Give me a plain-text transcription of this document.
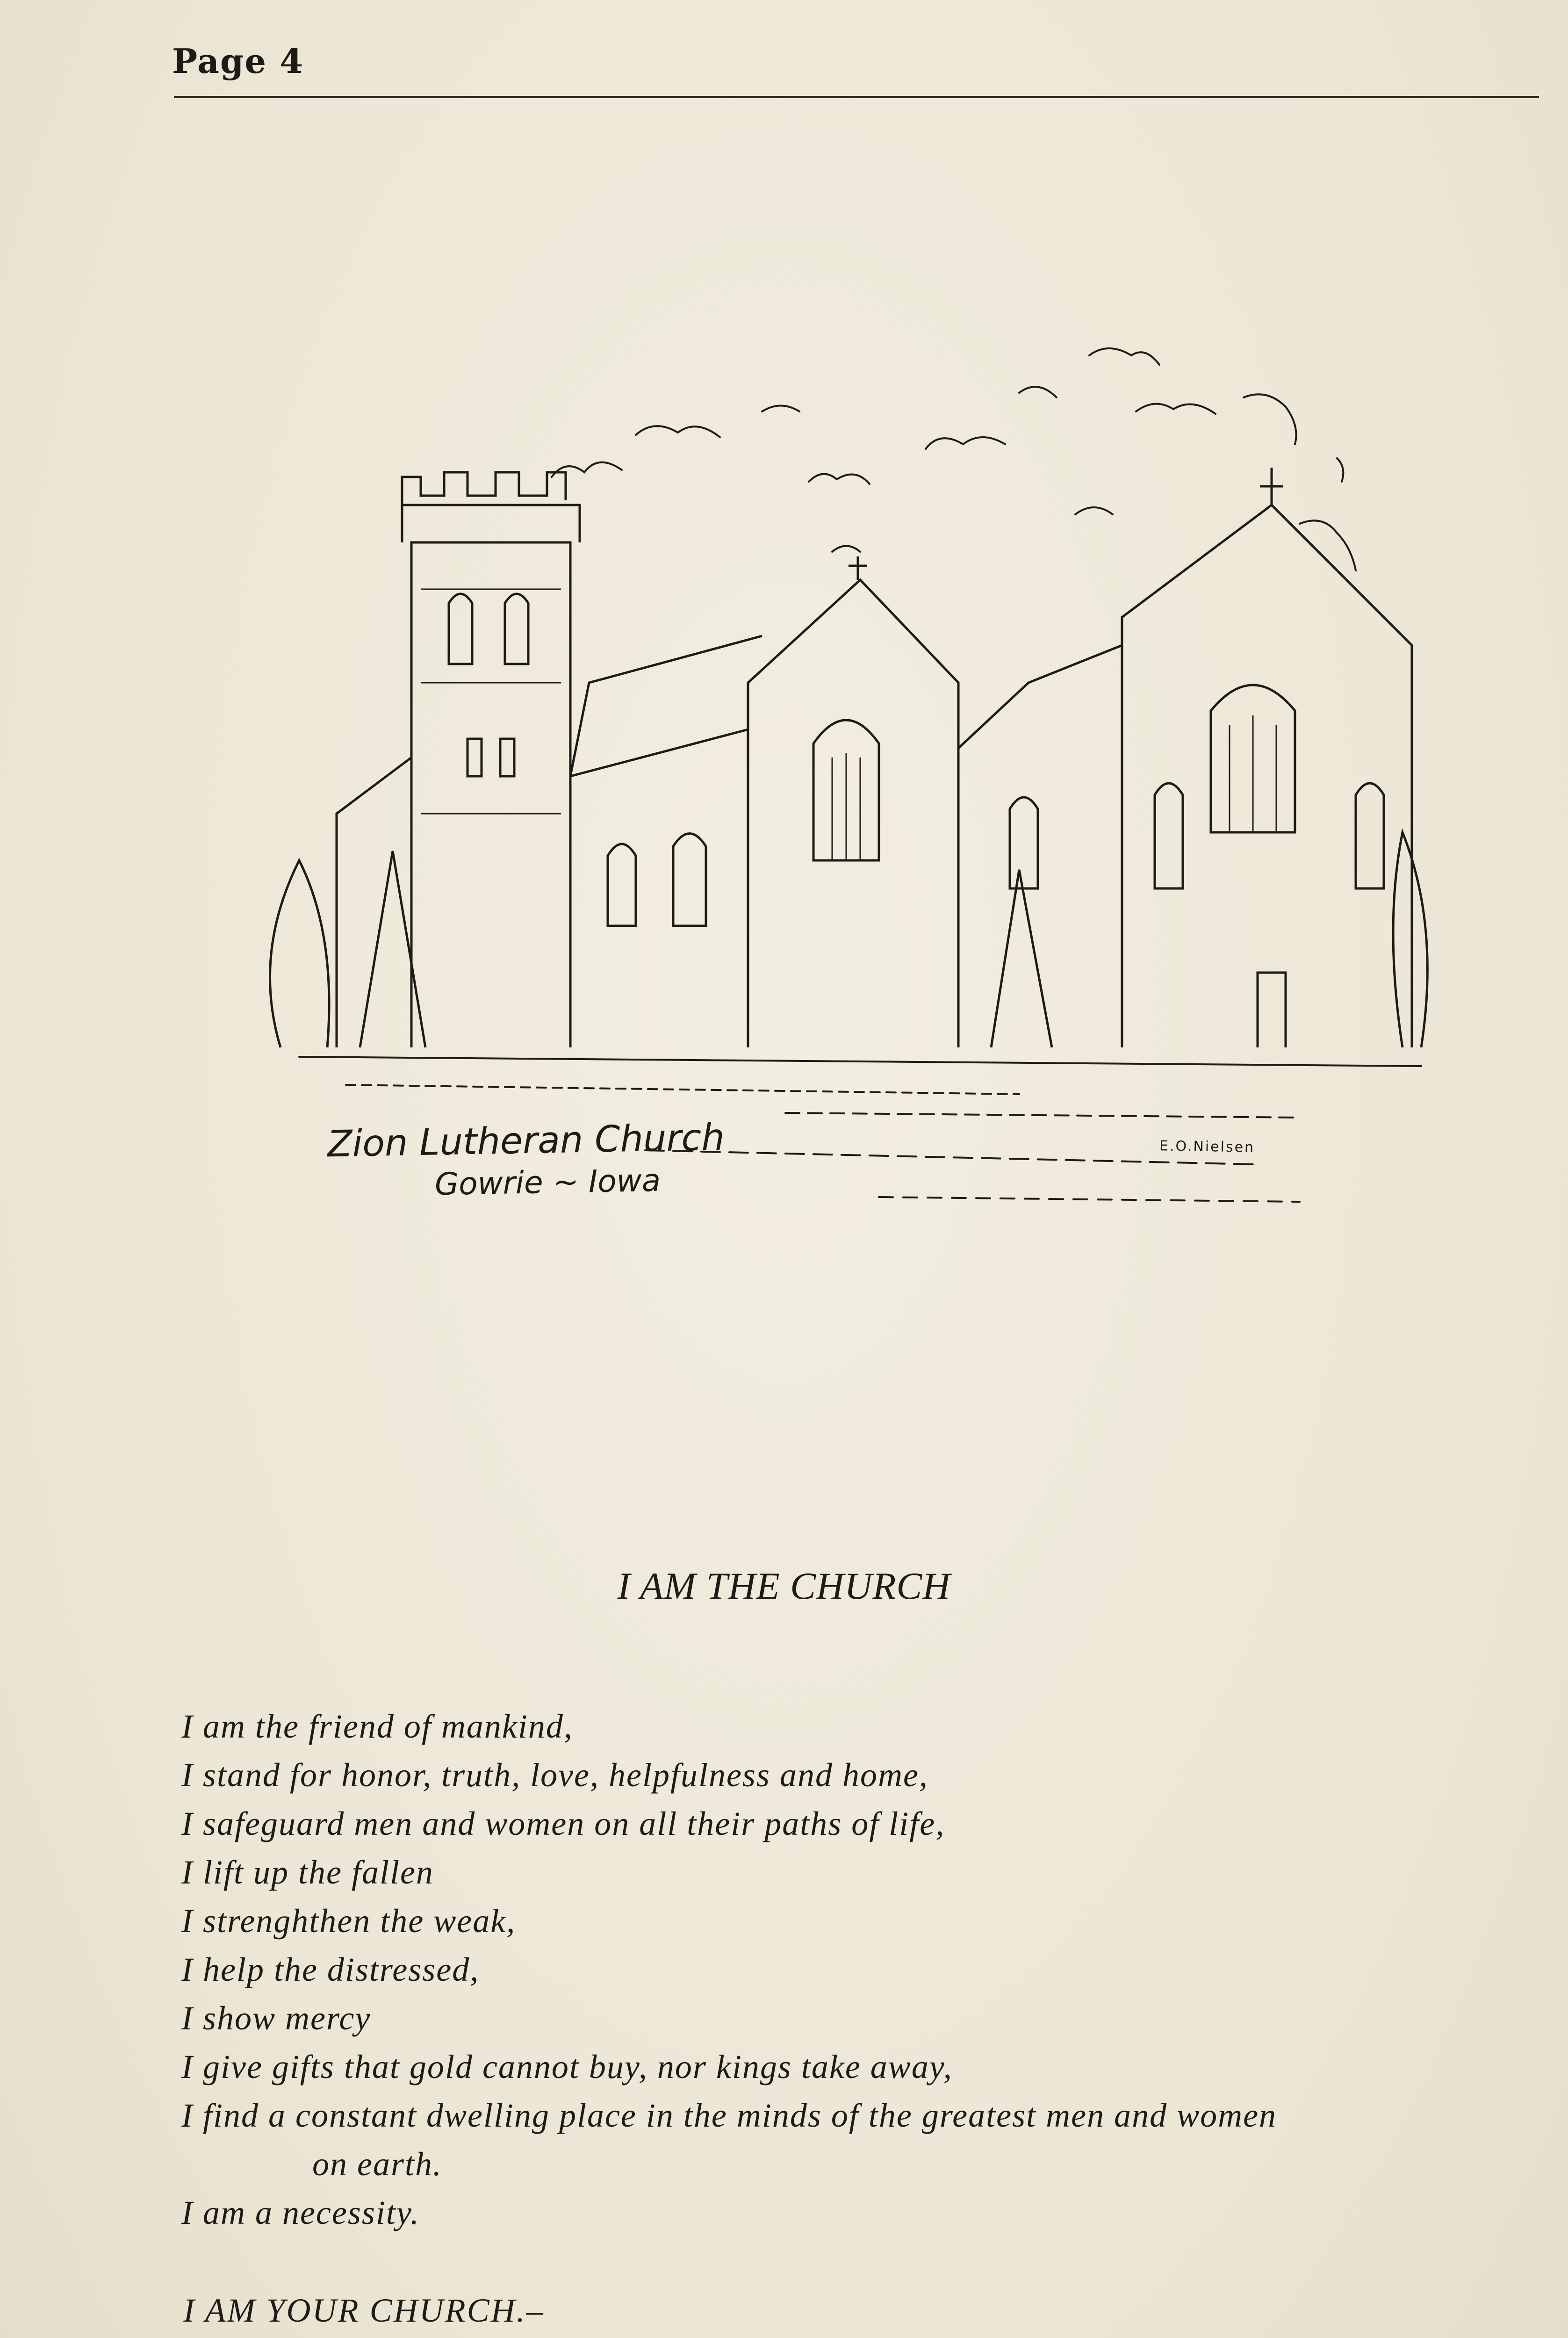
Page 4
Zion Lutheran Church
Gowrie ~ Iowa
E.O.Nielsen
I AM THE CHURCH
I am the friend of mankind,
I stand for honor, truth, love, helpfulness and home,
I safeguard men and women on all their paths of life,
I lift up the fallen
I strenghthen the weak,
I help the distressed,
I show mercy
I give gifts that gold cannot buy, nor kings take away,
I find a constant dwelling place in the minds of the greatest men and women
on earth.
I am a necessity.
I AM YOUR CHURCH.–
